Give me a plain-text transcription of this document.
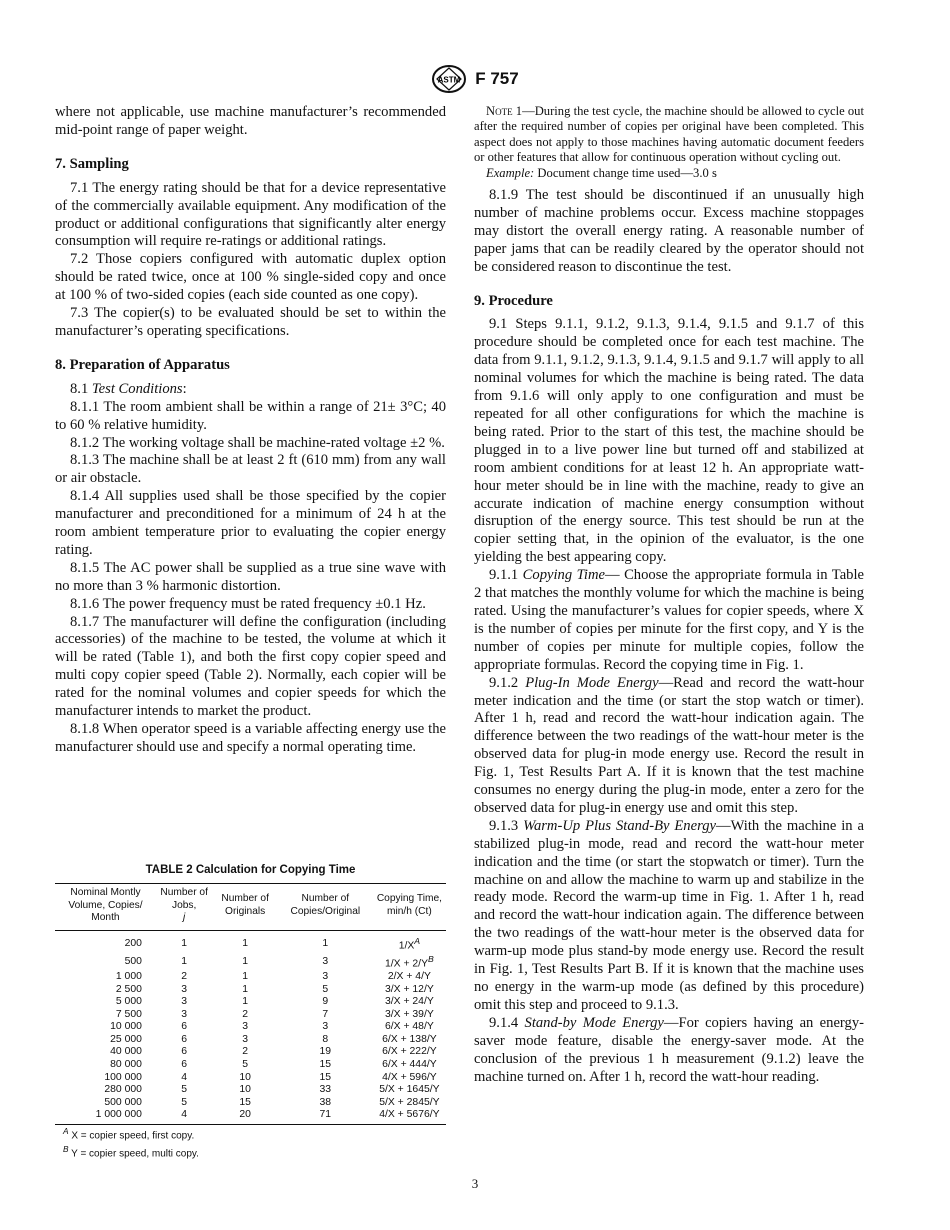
ASTM F 757

where not applicable, use machine manufacturer’s recommended mid-point range of paper weight.

7. Sampling

7.1 The energy rating should be that for a device representative of the commercially available equipment. Any modification of the product or additional configurations that significantly alter energy consumption will require re-ratings or additional ratings.

7.2 Those copiers configured with automatic duplex option should be rated twice, once at 100 % single-sided copy and once at 100 % of two-sided copies (each side counted as one copy).

7.3 The copier(s) to be evaluated should be set to within the manufacturer’s operating specifications.

8. Preparation of Apparatus

8.1 Test Conditions:

8.1.1 The room ambient shall be within a range of 21± 3°C; 40 to 60 % relative humidity.

8.1.2 The working voltage shall be machine-rated voltage ±2 %.

8.1.3 The machine shall be at least 2 ft (610 mm) from any wall or air obstacle.

8.1.4 All supplies used shall be those specified by the copier manufacturer and preconditioned for a minimum of 24 h at the room ambient temperature prior to evaluating the copier energy rating.

8.1.5 The AC power shall be supplied as a true sine wave with no more than 3 % harmonic distortion.

8.1.6 The power frequency must be rated frequency ±0.1 Hz.

8.1.7 The manufacturer will define the configuration (including accessories) of the machine to be tested, the volume at which it will be rated (Table 1), and both the first copy copier speed and multi copy copier speed (Table 2). Normally, each copier will be rated for the nominal volumes and copier speeds for which the manufacturer intends to market the product.

8.1.8 When operator speed is a variable affecting energy use the manufacturer should use and specify a normal operating time.

TABLE 2 Calculation for Copying Time
Nominal Montly Volume, Copies/ Month	Number of Jobs,
j	Number of Originals	Number of Copies/Original	Copying Time, min/h (Ct)
200	1	1	1	$1/X^A$
500	1	1	3	$1/X + 2/Y^B$
1 000	2	1	3	2/X + 4/Y
2 500	3	1	5	3/X + 12/Y
5 000	3	1	9	3/X + 24/Y
7 500	3	2	7	3/X + 39/Y
10 000	6	3	3	6/X + 48/Y
25 000	6	3	8	6/X + 138/Y
40 000	6	2	19	6/X + 222/Y
80 000	6	5	15	6/X + 444/Y
100 000	4	10	15	4/X + 596/Y
280 000	5	10	33	5/X + 1645/Y
500 000	5	15	38	5/X + 2845/Y
1 000 000	4	20	71	4/X + 5676/Y
$^A$ X = copier speed, first copy.
$^B$ Y = copier speed, multi copy.

Note 1—During the test cycle, the machine should be allowed to cycle out after the required number of copies per original have been completed. This aspect does not apply to those machines having automatic document feeders or other features that allow for continuous operation without cycling out.

Example: Document change time used—3.0 s

8.1.9 The test should be discontinued if an unusually high number of machine problems occur. Excess machine stoppages may distort the overall energy rating. A reasonable number of paper jams that can be readily cleared by the operator should not be considered reason to discontinue the test.

9. Procedure

9.1 Steps 9.1.1, 9.1.2, 9.1.3, 9.1.4, 9.1.5 and 9.1.7 of this procedure should be completed once for each test machine. The data from 9.1.1, 9.1.2, 9.1.3, 9.1.4, 9.1.5 and 9.1.7 will apply to all nominal volumes for which the machine is being rated. The data from 9.1.6 will only apply to one configuration and must be repeated for all other configurations for which the machine is being rated. Prior to the start of this test, the machine should be plugged in to a live power line but turned off and stabilized at room ambient conditions for at least 12 h. An appropriate watt-hour meter should be in line with the machine, ready to give an accurate indication of machine energy consumption without disruption of the energy source. This test should be run at the copier setting that, in the opinion of the evaluator, is the one yielding the best appearing copy.

9.1.1 Copying Time— Choose the appropriate formula in Table 2 that matches the monthly volume for which the machine is being rated. Using the manufacturer’s values for copier speeds, where X is the number of copies per minute for the first copy, and Y is the number of copies per minute for multiple copies, follow the appropriate formulas. Record the copying time in Fig. 1.

9.1.2 Plug-In Mode Energy—Read and record the watt-hour meter indication and the time (or start the stop watch or timer). After 1 h, read and record the watt-hour indication again. The difference between the two readings of the watt-hour meter is the observed data for plug-in mode energy use. Record the result in Fig. 1, Test Results Part A. If it is known that the test machine consumes no energy during the plug-in mode, enter a zero for the observed data for plug-in energy use and omit this step.

9.1.3 Warm-Up Plus Stand-By Energy—With the machine in a stabilized plug-in mode, read and record the watt-hour meter indication and the time (or start the stopwatch or timer). Turn the machine on and allow the machine to warm up and stabilize in the ready mode. Record the warm-up time in Fig. 1. After 1 h, read and record the watt-hour indication again. The difference between the two readings of the watt-hour meter is the observed data for warm-up mode plus stand-by mode energy use. Record the result in Fig. 1, Test Results Part B. If it is known that the machine uses no energy in the warm-up mode (as defined by this procedure) omit this step and proceed to 9.1.3.

9.1.4 Stand-by Mode Energy—For copiers having an energy-saver mode feature, disable the energy-saver mode. At the conclusion of the previous 1 h measurement (9.1.2) leave the machine turned on. After 1 h, record the watt-hour reading.

3
